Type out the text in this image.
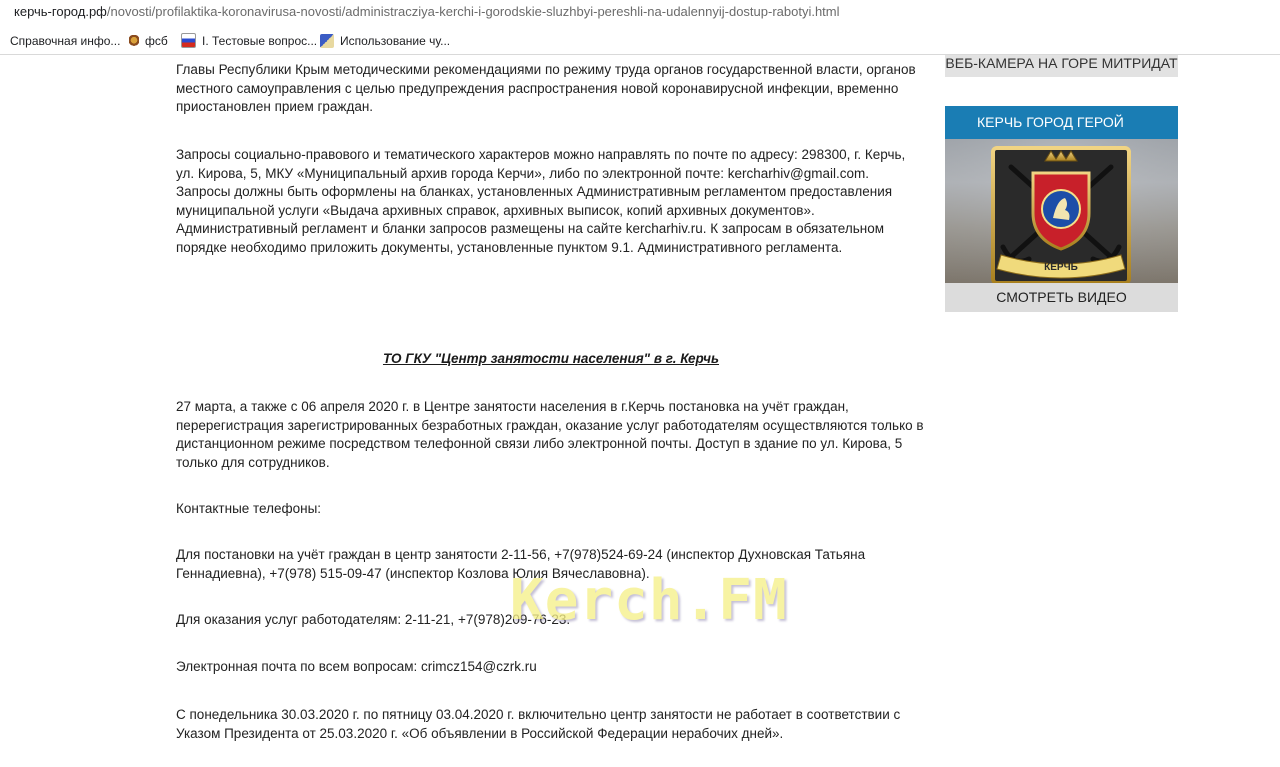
керчь-город.рф/novosti/profilaktika-koronavirusa-novosti/administracziya-kerchi-i-gorodskie-sluzhbyi-pereshli-na-udalennyij-dostup-rabotyi.html
Справочная инфо...	фсб	I. Тестовые вопрос...	Использование чу...

Главы Республики Крым методическими рекомендациями по режиму труда органов государственной власти, органов местного самоуправления с целью предупреждения распространения новой коронавирусной инфекции, временно приостановлен прием граждан.

Запросы социально-правового и тематического характеров можно направлять по почте по адресу: 298300, г. Керчь, ул. Кирова, 5, МКУ «Муниципальный архив города Керчи», либо по электронной почте: kercharhiv@gmail.com. Запросы должны быть оформлены на бланках, установленных Административным регламентом предоставления муниципальной услуги «Выдача архивных справок, архивных выписок, копий архивных документов». Административный регламент и бланки запросов размещены на сайте kercharhiv.ru. К запросам в обязательном порядке необходимо приложить документы, установленные пунктом 9.1. Административного регламента.

ТО ГКУ "Центр занятости населения" в г. Керчь

27 марта, а также с 06 апреля 2020 г. в Центре занятости населения в г.Керчь постановка на учёт граждан, перерегистрация зарегистрированных безработных граждан, оказание услуг работодателям осуществляются только в дистанционном режиме посредством телефонной связи либо электронной почты. Доступ в здание по ул. Кирова, 5 только для сотрудников.

Контактные телефоны:

Для постановки на учёт граждан в центр занятости 2-11-56, +7(978)524-69-24 (инспектор Духновская Татьяна Геннадиевна), +7(978) 515-09-47 (инспектор Козлова Юлия Вячеславовна).

Для оказания услуг работодателям: 2-11-21, +7(978)209-76-23.

Электронная почта по всем вопросам: crimcz154@czrk.ru

С понедельника 30.03.2020 г. по пятницу 03.04.2020 г. включительно центр занятости не работает в соответствии с Указом Президента от 25.03.2020 г. «Об объявлении в Российской Федерации нерабочих дней».

ВЕБ-КАМЕРА НА ГОРЕ МИТРИДАТ
КЕРЧЬ ГОРОД ГЕРОЙ
КЕРЧЬ
СМОТРЕТЬ ВИДЕО
Kerch.FM
